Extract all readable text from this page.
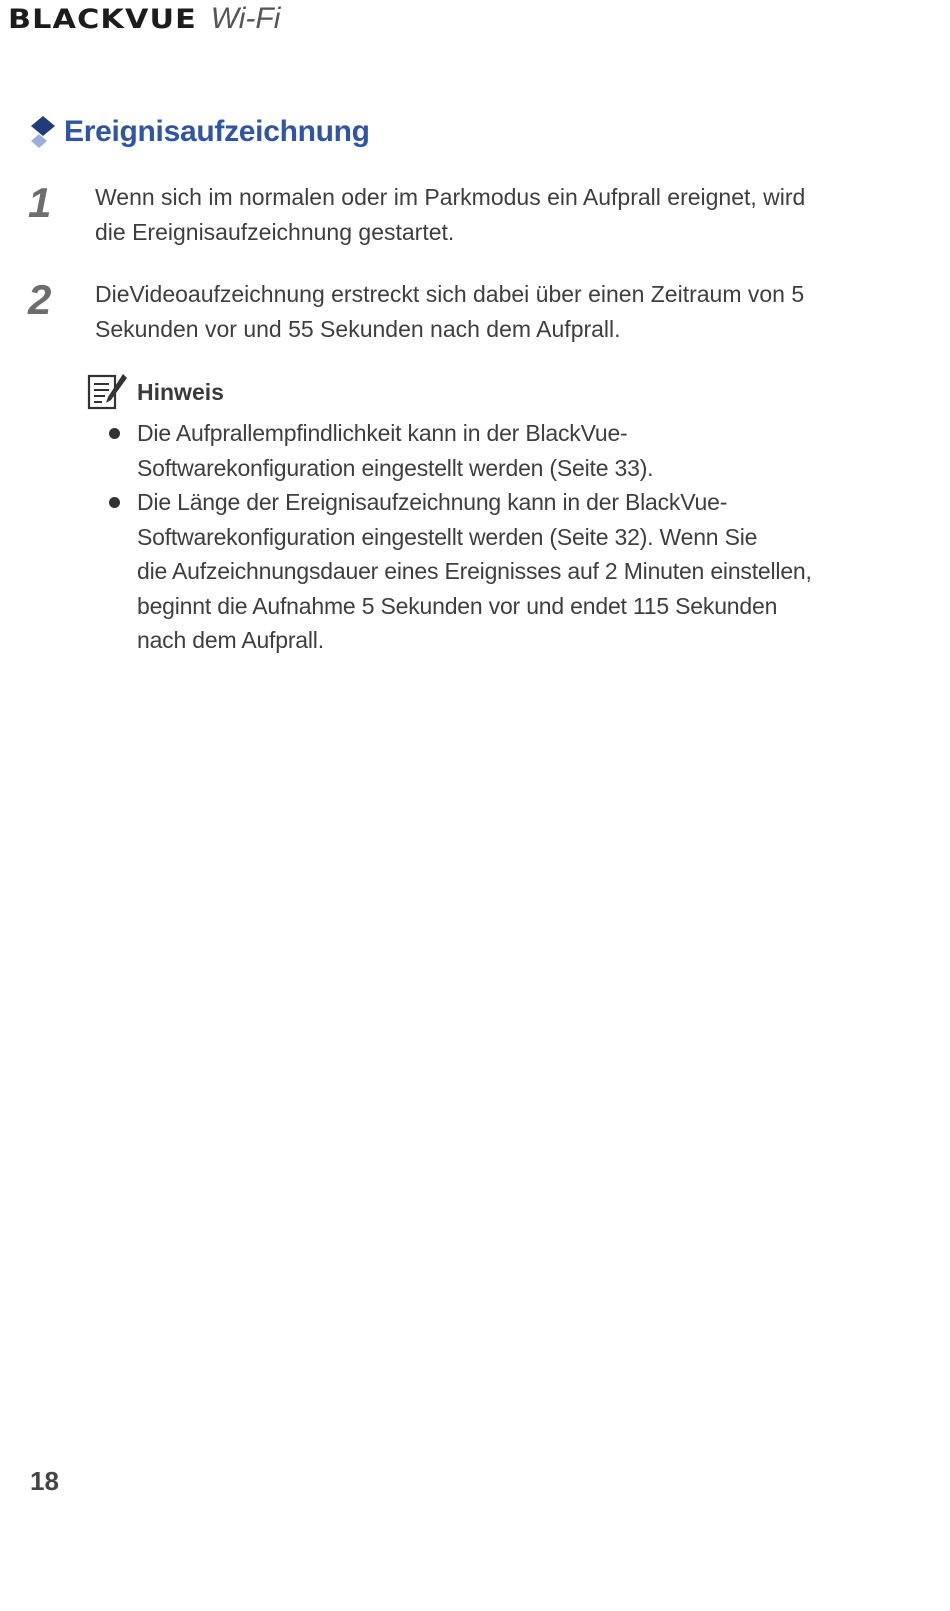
BLACKVUE Wi-Fi
Ereignisaufzeichnung
1 Wenn sich im normalen oder im Parkmodus ein Aufprall ereignet, wird
die Ereignisaufzeichnung gestartet.
2 DieVideoaufzeichnung erstreckt sich dabei über einen Zeitraum von 5
Sekunden vor und 55 Sekunden nach dem Aufprall.
Hinweis
Die Aufprallempfindlichkeit kann in der BlackVue-
Softwarekonfiguration eingestellt werden (Seite 33).
Die Länge der Ereignisaufzeichnung kann in der BlackVue-
Softwarekonfiguration eingestellt werden (Seite 32). Wenn Sie
die Aufzeichnungsdauer eines Ereignisses auf 2 Minuten einstellen,
beginnt die Aufnahme 5 Sekunden vor und endet 115 Sekunden
nach dem Aufprall.
18
